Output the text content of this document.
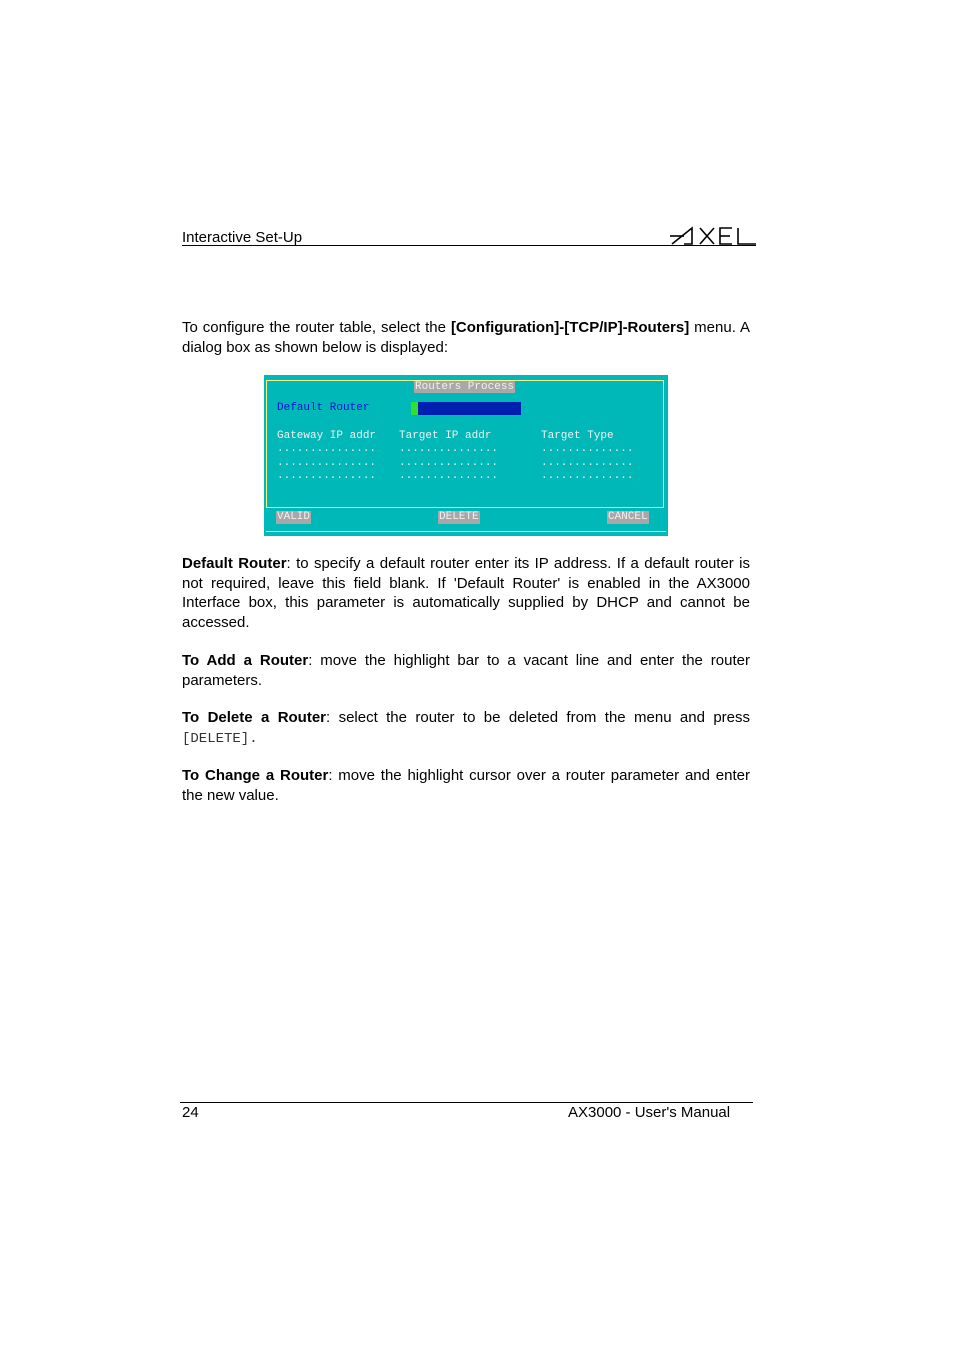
Interactive Set-Up
To configure the router table, select the [Configuration]-[TCP/IP]-Routers] menu. A dialog box as shown below is displayed:
Routers Process
Default Router
Gateway IP addr Target IP addr	Target Type
............... ...............	..............
............... ...............	..............
............... ...............	..............
VALID	DELETE	CANCEL
Default Router: to specify a default router enter its IP address. If a default router is not required, leave this field blank. If 'Default Router' is enabled in the AX3000 Interface box, this parameter is automatically supplied by DHCP and cannot be accessed.
To Add a Router: move the highlight bar to a vacant line and enter the router parameters.
To Delete a Router: select the router to be deleted from the menu and press [DELETE].
To Change a Router: move the highlight cursor over a router parameter and enter the new value.
24	AX3000 - User's Manual
